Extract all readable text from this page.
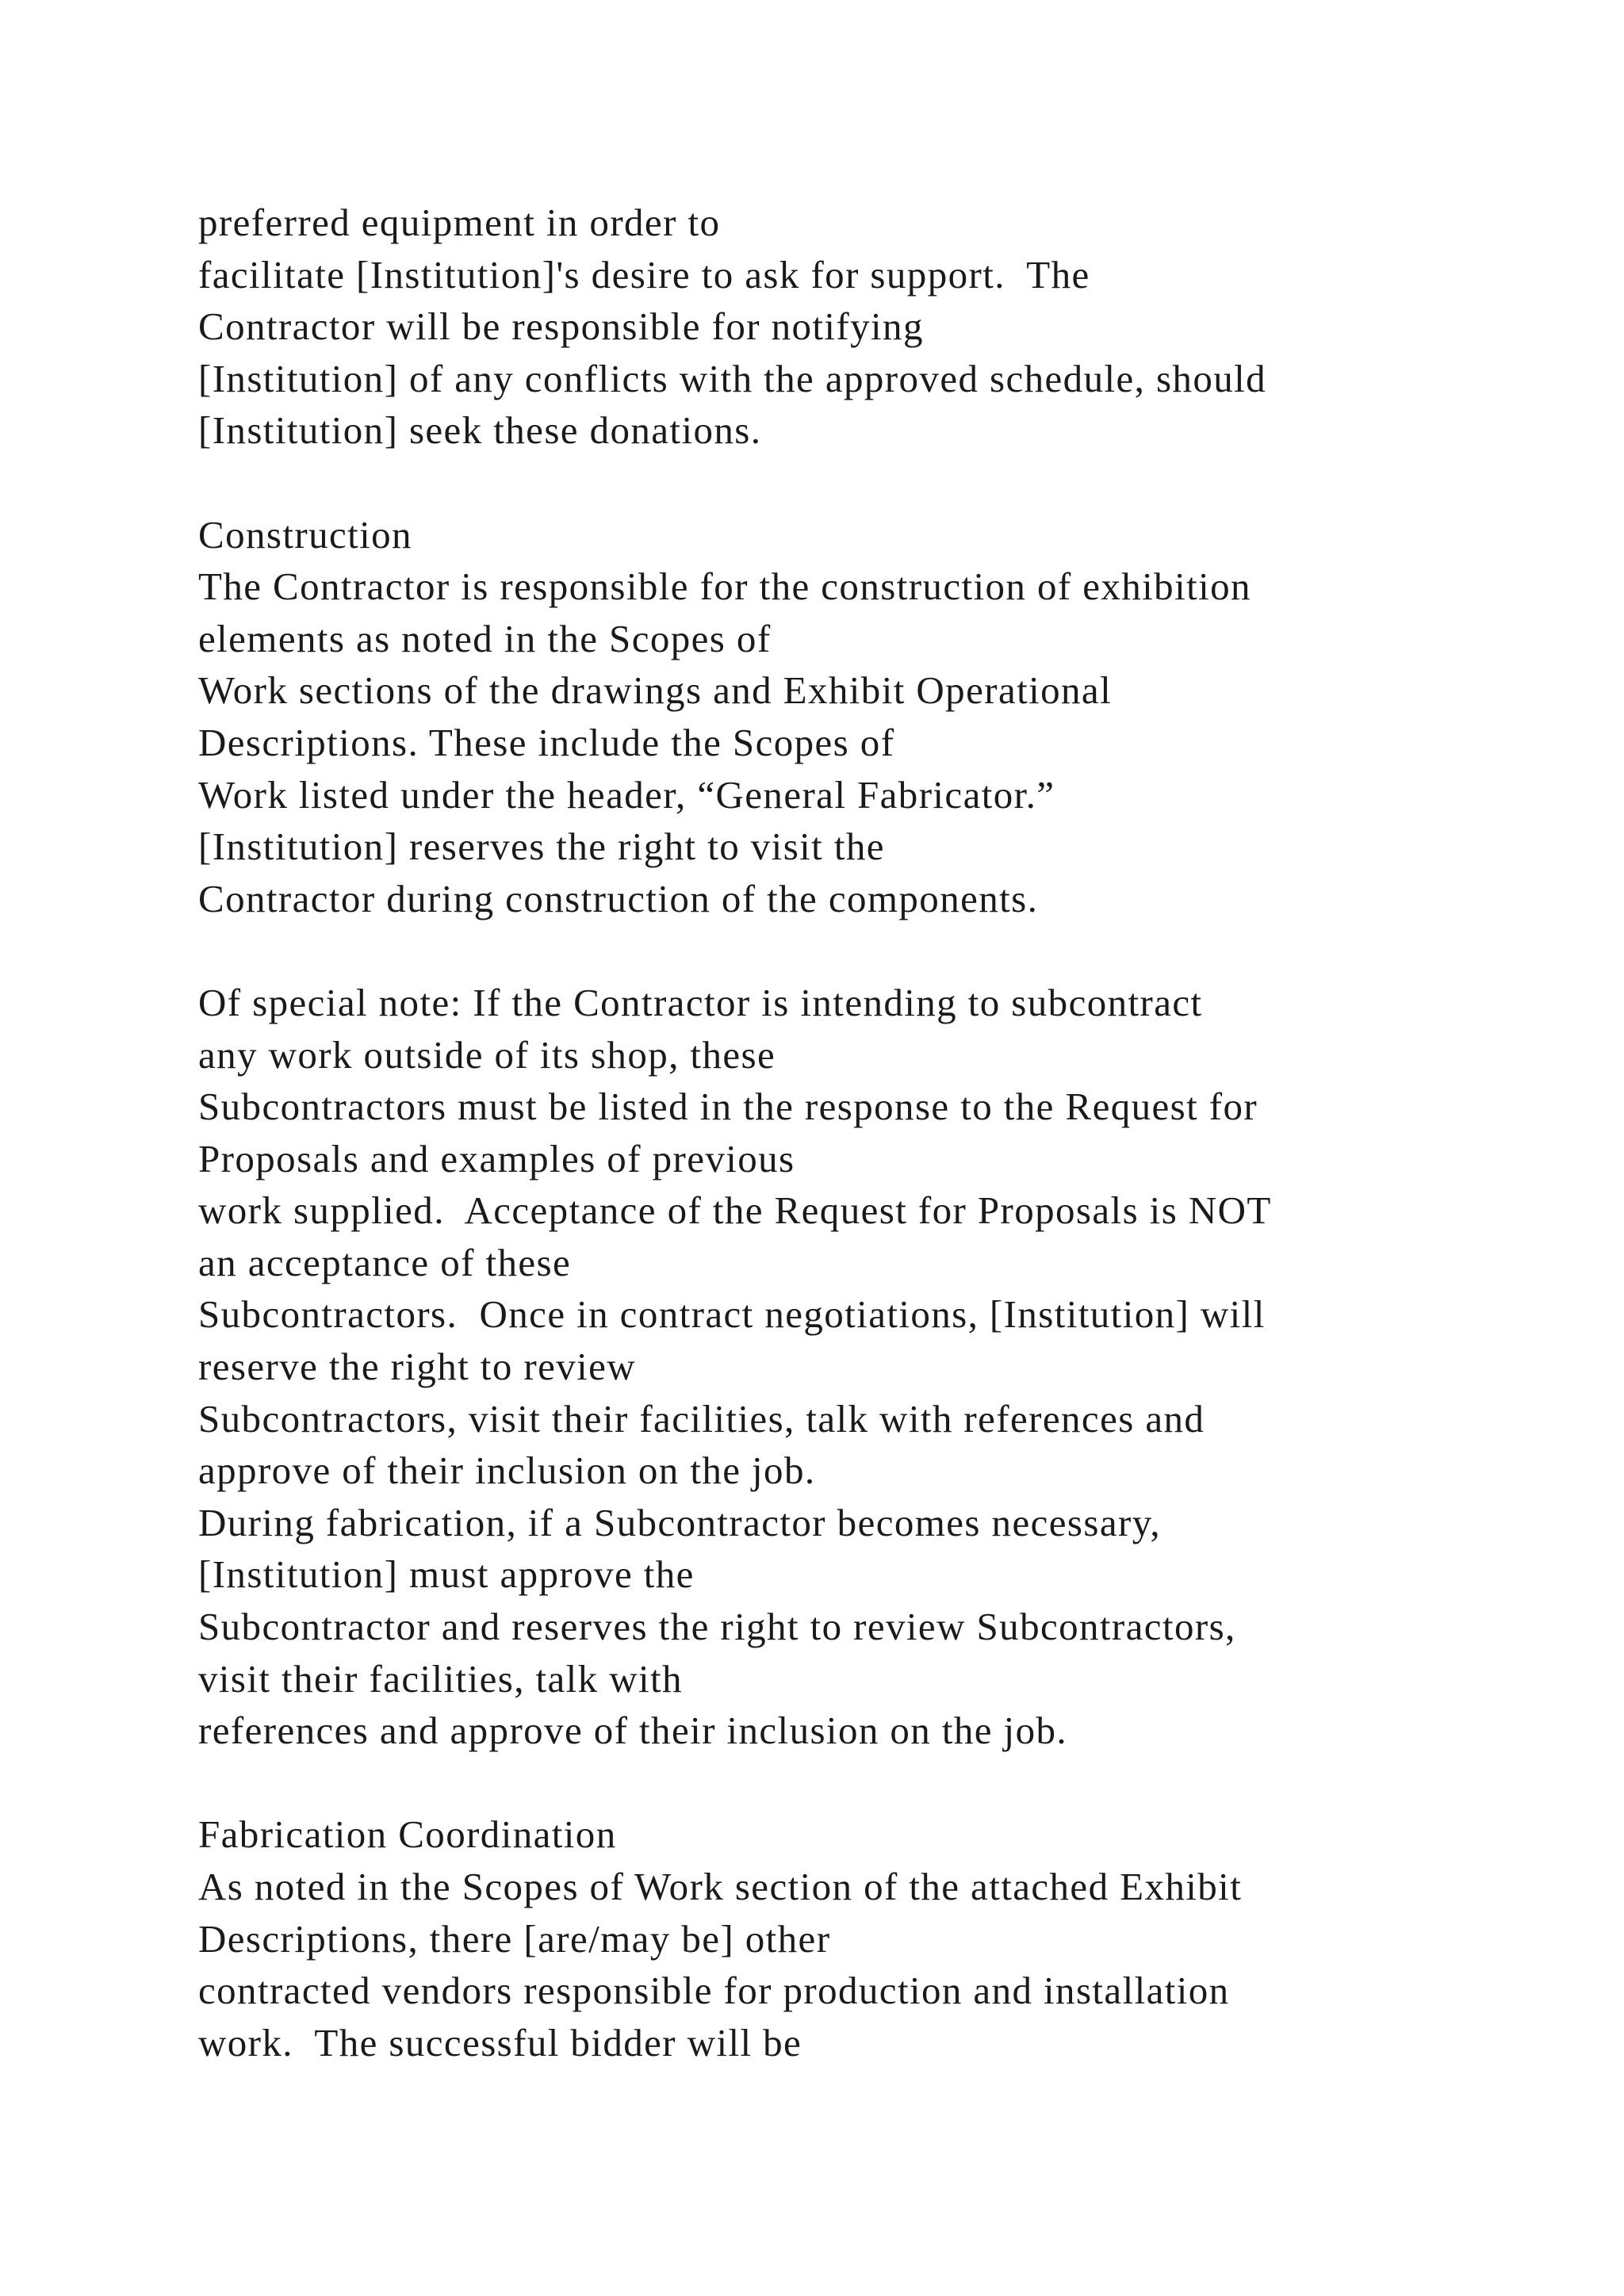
preferred equipment in order to
facilitate [Institution]'s desire to ask for support.  The
Contractor will be responsible for notifying
[Institution] of any conflicts with the approved schedule, should
[Institution] seek these donations.
Construction
The Contractor is responsible for the construction of exhibition
elements as noted in the Scopes of
Work sections of the drawings and Exhibit Operational
Descriptions. These include the Scopes of
Work listed under the header, “General Fabricator.”
[Institution] reserves the right to visit the
Contractor during construction of the components.
Of special note: If the Contractor is intending to subcontract
any work outside of its shop, these
Subcontractors must be listed in the response to the Request for
Proposals and examples of previous
work supplied.  Acceptance of the Request for Proposals is NOT
an acceptance of these
Subcontractors.  Once in contract negotiations, [Institution] will
reserve the right to review
Subcontractors, visit their facilities, talk with references and
approve of their inclusion on the job.
During fabrication, if a Subcontractor becomes necessary,
[Institution] must approve the
Subcontractor and reserves the right to review Subcontractors,
visit their facilities, talk with
references and approve of their inclusion on the job.
Fabrication Coordination
As noted in the Scopes of Work section of the attached Exhibit
Descriptions, there [are/may be] other
contracted vendors responsible for production and installation
work.  The successful bidder will be
